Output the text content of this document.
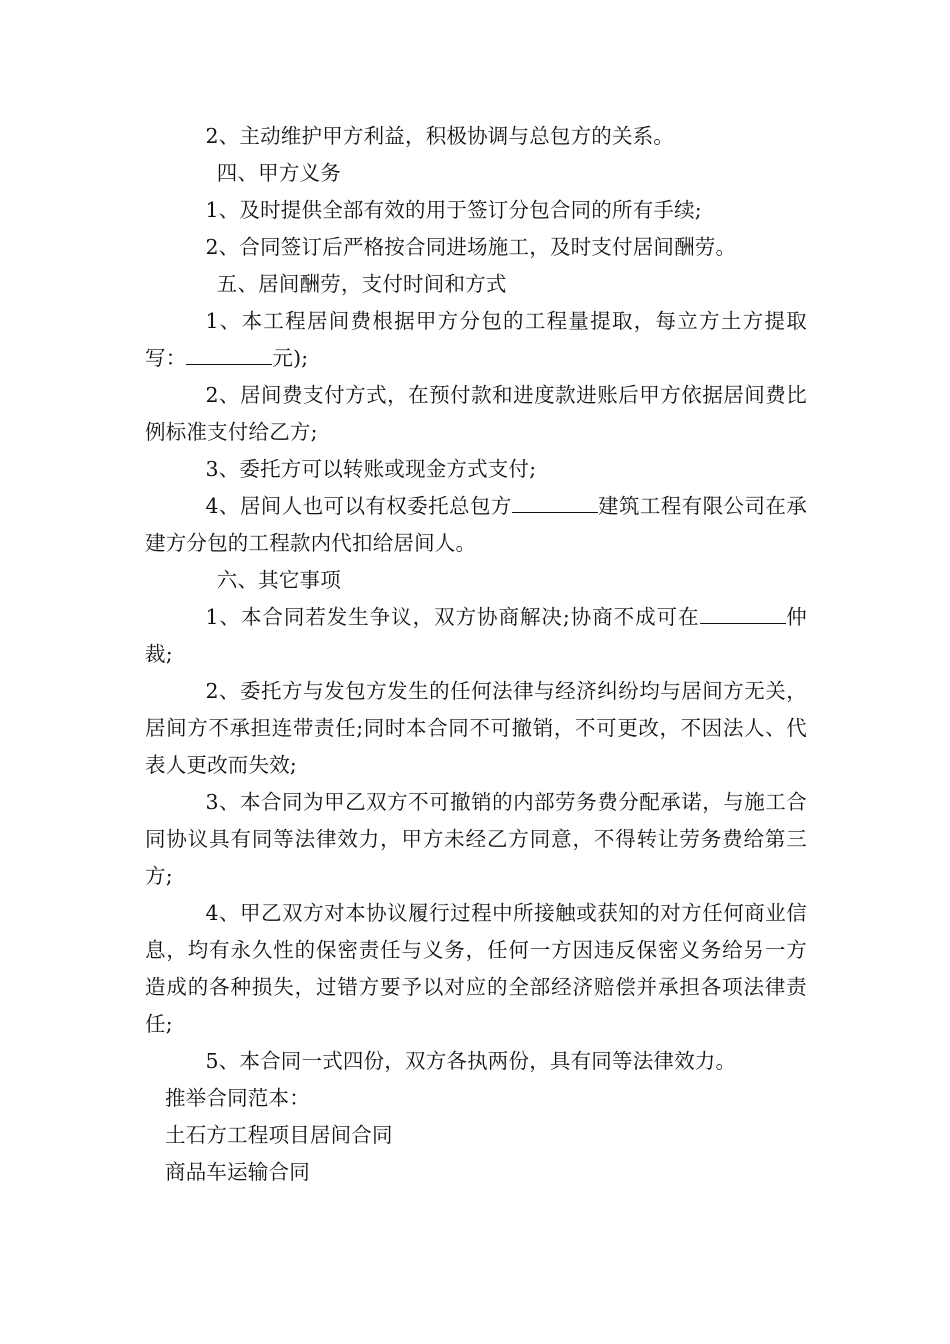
2、主动维护甲方利益，积极协调与总包方的关系。

四、甲方义务

1、及时提供全部有效的用于签订分包合同的所有手续;

2、合同签订后严格按合同进场施工，及时支付居间酬劳。

五、居间酬劳，支付时间和方式

1、本工程居间费根据甲方分包的工程量提取，每立方土方提取写：	元);

2、居间费支付方式，在预付款和进度款进账后甲方依据居间费比例标准支付给乙方;

3、委托方可以转账或现金方式支付;

4、居间人也可以有权委托总包方	建筑工程有限公司在承建方分包的工程款内代扣给居间人。

六、其它事项

1、本合同若发生争议，双方协商解决;协商不成可在	仲裁;

2、委托方与发包方发生的任何法律与经济纠纷均与居间方无关，居间方不承担连带责任;同时本合同不可撤销，不可更改，不因法人、代表人更改而失效;

3、本合同为甲乙双方不可撤销的内部劳务费分配承诺，与施工合同协议具有同等法律效力，甲方未经乙方同意，不得转让劳务费给第三方;

4、甲乙双方对本协议履行过程中所接触或获知的对方任何商业信息，均有永久性的保密责任与义务，任何一方因违反保密义务给另一方造成的各种损失，过错方要予以对应的全部经济赔偿并承担各项法律责任;

5、本合同一式四份，双方各执两份，具有同等法律效力。

推举合同范本：

土石方工程项目居间合同

商品车运输合同
